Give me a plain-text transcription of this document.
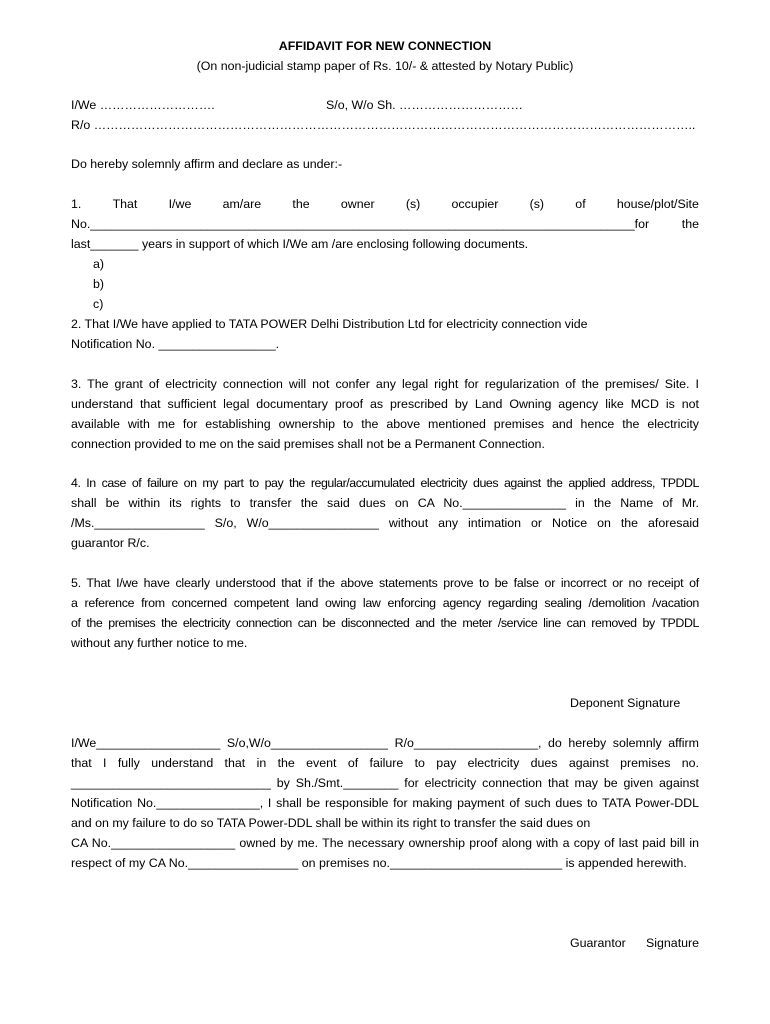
AFFIDAVIT FOR NEW CONNECTION
(On non-judicial stamp paper of Rs. 10/- & attested by Notary Public)
I/We ……………………….	S/o, W/o Sh. …………………………
R/o ………………………………………………………………………………………………………………………………..
Do hereby solemnly affirm and declare as under:-
1.	That	I/we	am/are	the	owner	(s)	occupier	(s)	of	house/plot/Site
No._______________________________________________________________________________for	the
last_______ years in support of which I/We am /are enclosing following documents.
a)
b)
c)
2. That I/We have applied to TATA POWER Delhi Distribution Ltd for electricity connection vide
Notification No. _________________.
3. The grant of electricity connection will not confer any legal right for regularization of the premises/ Site. I
understand that sufficient legal documentary proof as prescribed by Land Owning agency like MCD is not
available with me for establishing ownership to the above mentioned premises and hence the electricity
connection provided to me on the said premises shall not be a Permanent Connection.
4. In case of failure on my part to pay the regular/accumulated electricity dues against the applied address, TPDDL
shall be within its rights to transfer the said dues on CA No._______________ in the Name of Mr.
/Ms.________________ S/o, W/o________________ without any intimation or Notice on the aforesaid
guarantor R/c.
5. That I/we have clearly understood that if the above statements prove to be false or incorrect or no receipt of
a reference from concerned competent land owing law enforcing agency regarding sealing /demolition /vacation
of the premises the electricity connection can be disconnected and the meter /service line can removed by TPDDL
without any further notice to me.
Deponent Signature
I/We__________________ S/o,W/o_________________ R/o__________________, do hereby solemnly affirm
that I fully understand that in the event of failure to pay electricity dues against premises no.
_____________________________ by Sh./Smt.________ for electricity connection that may be given against
Notification No._______________, I shall be responsible for making payment of such dues to TATA Power-DDL
and on my failure to do so TATA Power-DDL shall be within its right to transfer the said dues on
CA No.__________________ owned by me. The necessary ownership proof along with a copy of last paid bill in
respect of my CA No.________________ on premises no._________________________ is appended herewith.
Guarantor Signature
